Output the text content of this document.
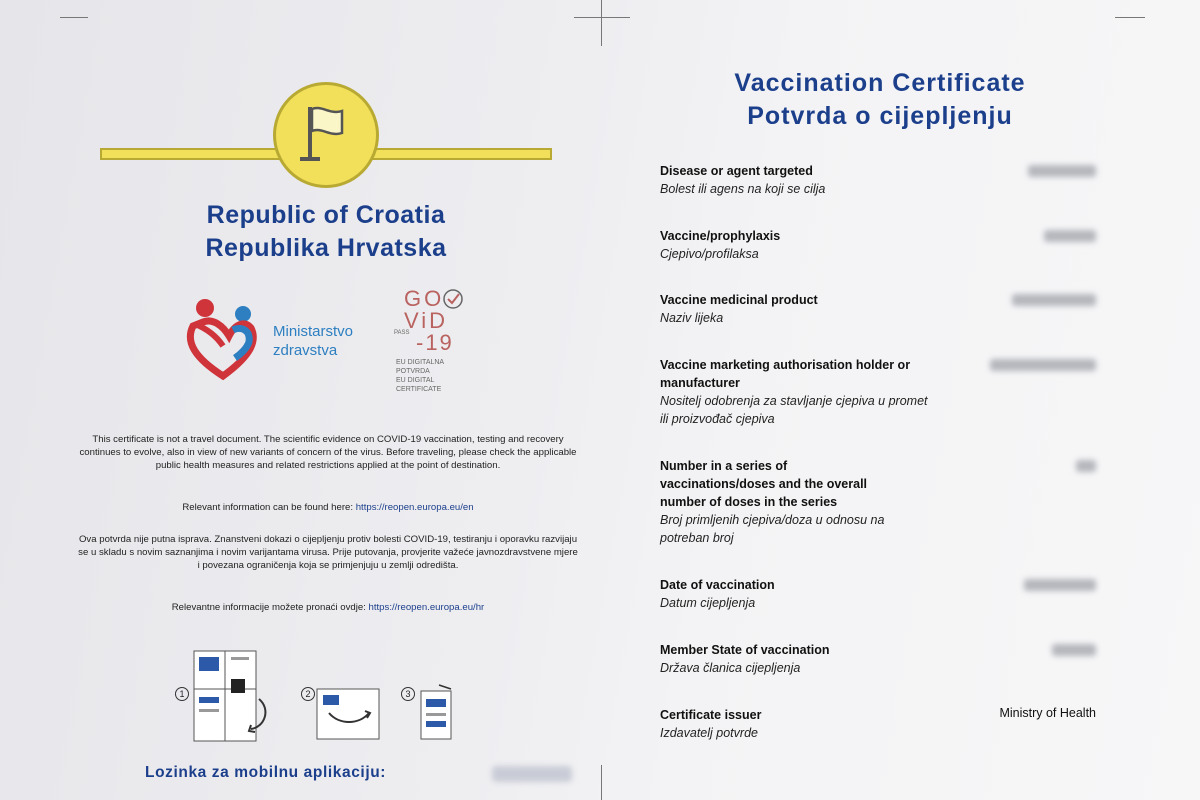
Republic of Croatia
Republika Hrvatska
Ministarstvo
zdravstva
GO
ViD
PASS -19
EU DIGITALNA
POTVRDA
EU DIGITAL
CERTIFICATE
This certificate is not a travel document. The scientific evidence on COVID-19 vaccination, testing and recovery continues to evolve, also in view of new variants of concern of the virus. Before traveling, please check the applicable public health measures and related restrictions applied at the point of destination.
Relevant information can be found here: https://reopen.europa.eu/en
Ova potvrda nije putna isprava. Znanstveni dokazi o cijepljenju protiv bolesti COVID-19, testiranju i oporavku razvijaju se u skladu s novim saznanjima i novim varijantama virusa. Prije putovanja, provjerite važeće javnozdravstvene mjere i povezana ograničenja koja se primjenjuju u zemlji odredišta.
Relevantne informacije možete pronaći ovdje: https://reopen.europa.eu/hr
1	2	3
Lozinka za mobilnu aplikaciju:
Vaccination Certificate
Potvrda o cijepljenju
Disease or agent targeted
Bolest ili agens na koji se cilja
Vaccine/prophylaxis
Cjepivo/profilaksa
Vaccine medicinal product
Naziv lijeka
Vaccine marketing authorisation holder or manufacturer
Nositelj odobrenja za stavljanje cjepiva u promet ili proizvođač cjepiva
Number in a series of vaccinations/doses and the overall number of doses in the series
Broj primljenih cjepiva/doza u odnosu na potreban broj
Date of vaccination
Datum cijepljenja
Member State of vaccination
Država članica cijepljenja
Certificate issuer
Izdavatelj potvrde
Ministry of Health
